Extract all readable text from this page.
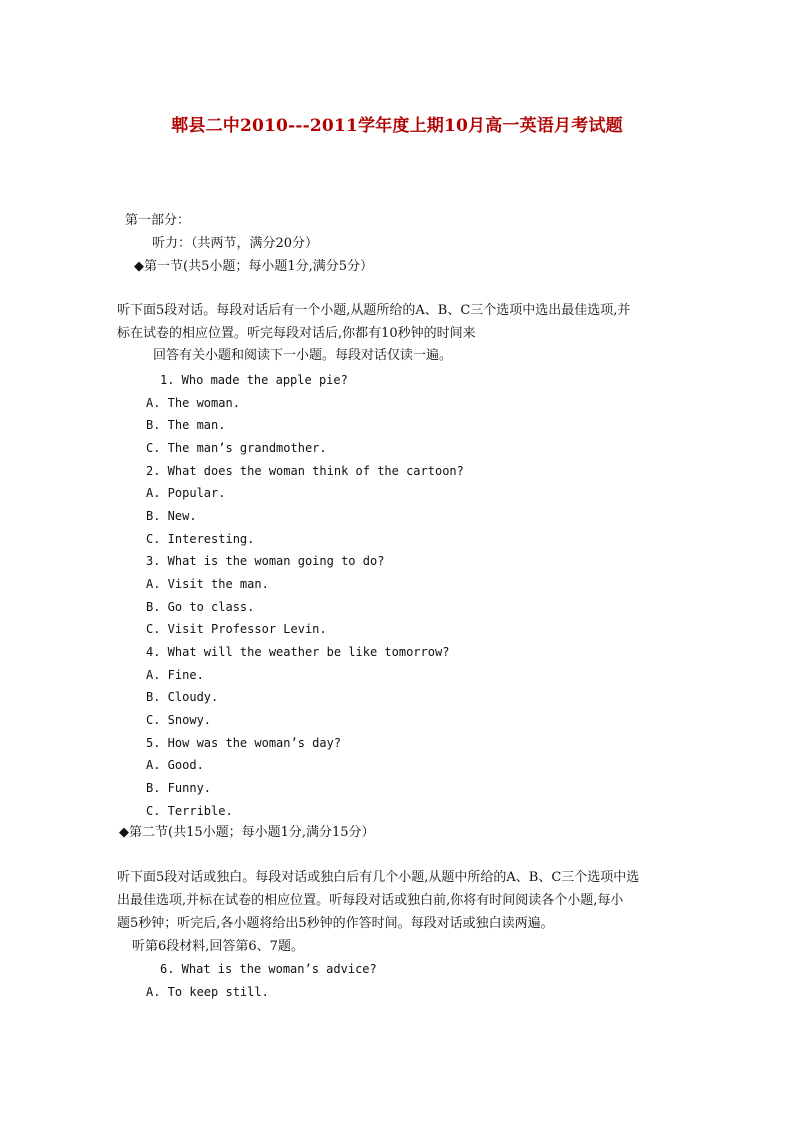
郫县二中2010---2011学年度上期10月高一英语月考试题
第一部分：
听力：（共两节，满分20分）
◆第一节(共5小题；每小题1分,满分5分）
听下面5段对话。每段对话后有一个小题,从题所给的A、B、C三个选项中选出最佳选项,并
标在试卷的相应位置。听完每段对话后,你都有10秒钟的时间来
回答有关小题和阅读下一小题。每段对话仅读一遍。
1. Who made the apple pie?
A. The woman.
B. The man.
C. The man’s grandmother.
2. What does the woman think of the cartoon?
A. Popular.
B. New.
C. Interesting.
3. What is the woman going to do?
A. Visit the man.
B. Go to class.
C. Visit Professor Levin.
4. What will the weather be like tomorrow?
A. Fine.
B. Cloudy.
C. Snowy.
5. How was the woman’s day?
A. Good.
B. Funny.
C. Terrible.
◆第二节(共15小题；每小题1分,满分15分）
听下面5段对话或独白。每段对话或独白后有几个小题,从题中所给的A、B、C三个选项中选
出最佳选项,并标在试卷的相应位置。听每段对话或独白前,你将有时间阅读各个小题,每小
题5秒钟；听完后,各小题将给出5秒钟的作答时间。每段对话或独白读两遍。
听第6段材料,回答第6、7题。
6. What is the woman’s advice?
A. To keep still.
